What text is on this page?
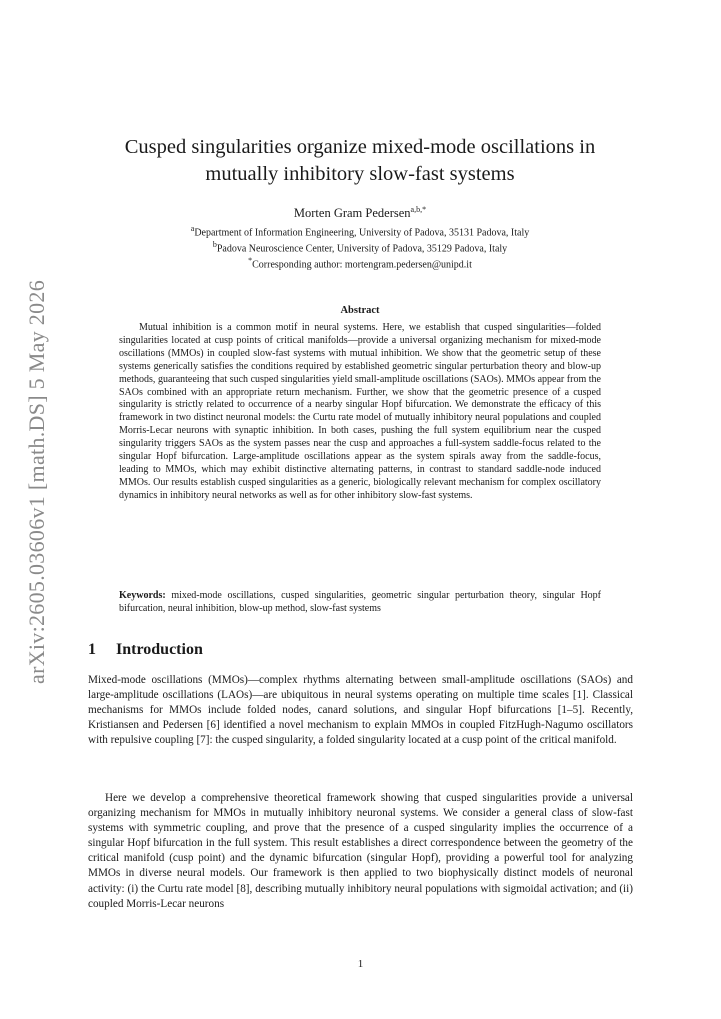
arXiv:2605.03606v1 [math.DS] 5 May 2026
Cusped singularities organize mixed-mode oscillations in mutually inhibitory slow-fast systems
Morten Gram Pedersen$^{a,b,*}$
$^a$Department of Information Engineering, University of Padova, 35131 Padova, Italy
$^b$Padova Neuroscience Center, University of Padova, 35129 Padova, Italy
*Corresponding author: mortengram.pedersen@unipd.it
Abstract

Mutual inhibition is a common motif in neural systems. Here, we establish that cusped singularities—folded singularities located at cusp points of critical manifolds—provide a universal organizing mechanism for mixed-mode oscillations (MMOs) in coupled slow-fast systems with mutual inhibition. We show that the geometric setup of these systems generically satisfies the conditions required by established geometric singular perturbation theory and blow-up methods, guaranteeing that such cusped singularities yield small-amplitude oscillations (SAOs). MMOs appear from the SAOs combined with an appropriate return mechanism. Further, we show that the geometric presence of a cusped singularity is strictly related to occurrence of a nearby singular Hopf bifurcation. We demonstrate the efficacy of this framework in two distinct neuronal models: the Curtu rate model of mutually inhibitory neural populations and coupled Morris-Lecar neurons with synaptic inhibition. In both cases, pushing the full system equilibrium near the cusped singularity triggers SAOs as the system passes near the cusp and approaches a full-system saddle-focus related to the singular Hopf bifurcation. Large-amplitude oscillations appear as the system spirals away from the saddle-focus, leading to MMOs, which may exhibit distinctive alternating patterns, in contrast to standard saddle-node induced MMOs. Our results establish cusped singularities as a generic, biologically relevant mechanism for complex oscillatory dynamics in inhibitory neural networks as well as for other inhibitory slow-fast systems.

Keywords: mixed-mode oscillations, cusped singularities, geometric singular perturbation theory, singular Hopf bifurcation, neural inhibition, blow-up method, slow-fast systems

1 Introduction

Mixed-mode oscillations (MMOs)—complex rhythms alternating between small-amplitude oscillations (SAOs) and large-amplitude oscillations (LAOs)—are ubiquitous in neural systems operating on multiple time scales [1]. Classical mechanisms for MMOs include folded nodes, canard solutions, and singular Hopf bifurcations [1–5]. Recently, Kristiansen and Pedersen [6] identified a novel mechanism to explain MMOs in coupled FitzHugh-Nagumo oscillators with repulsive coupling [7]: the cusped singularity, a folded singularity located at a cusp point of the critical manifold.

Here we develop a comprehensive theoretical framework showing that cusped singularities provide a universal organizing mechanism for MMOs in mutually inhibitory neuronal systems. We consider a general class of slow-fast systems with symmetric coupling, and prove that the presence of a cusped singularity implies the occurrence of a singular Hopf bifurcation in the full system. This result establishes a direct correspondence between the geometry of the critical manifold (cusp point) and the dynamic bifurcation (singular Hopf), providing a powerful tool for analyzing MMOs in diverse neural models. Our framework is then applied to two biophysically distinct models of neuronal activity: (i) the Curtu rate model [8], describing mutually inhibitory neural populations with sigmoidal activation; and (ii) coupled Morris-Lecar neurons

1
